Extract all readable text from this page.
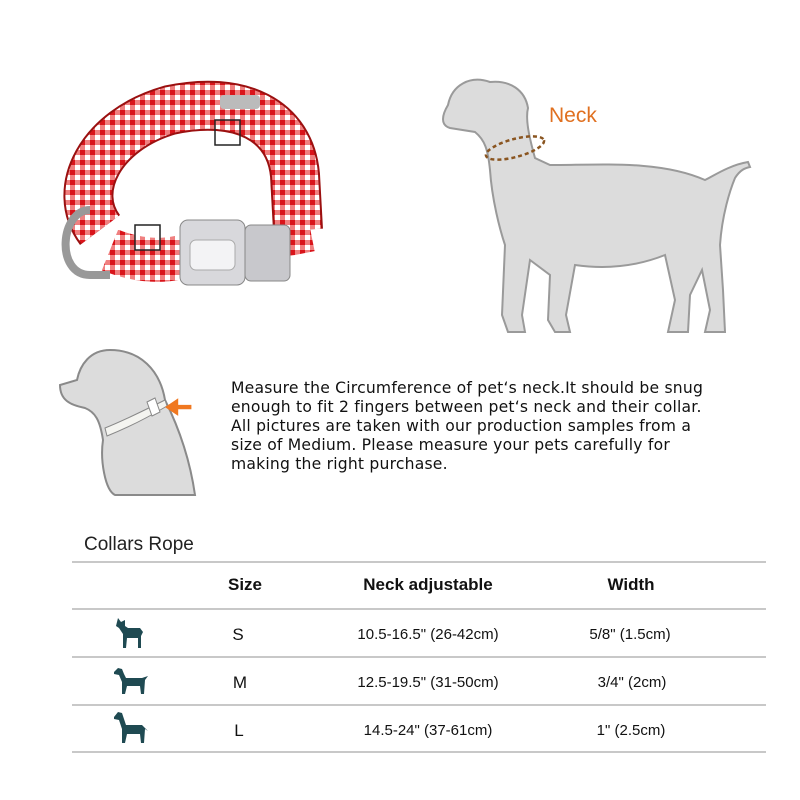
Neck
Measure the Circumference of pet‘s neck.It should be snug
enough to fit 2 fingers between pet‘s neck and their collar.
All pictures are taken with our production samples from a
size of Medium. Please measure your pets carefully for
making the right purchase.
Collars Rope
Size	Neck adjustable	Width
S	10.5-16.5" (26-42cm)	5/8" (1.5cm)
M	12.5-19.5" (31-50cm)	3/4" (2cm)
L	14.5-24" (37-61cm)	1" (2.5cm)
